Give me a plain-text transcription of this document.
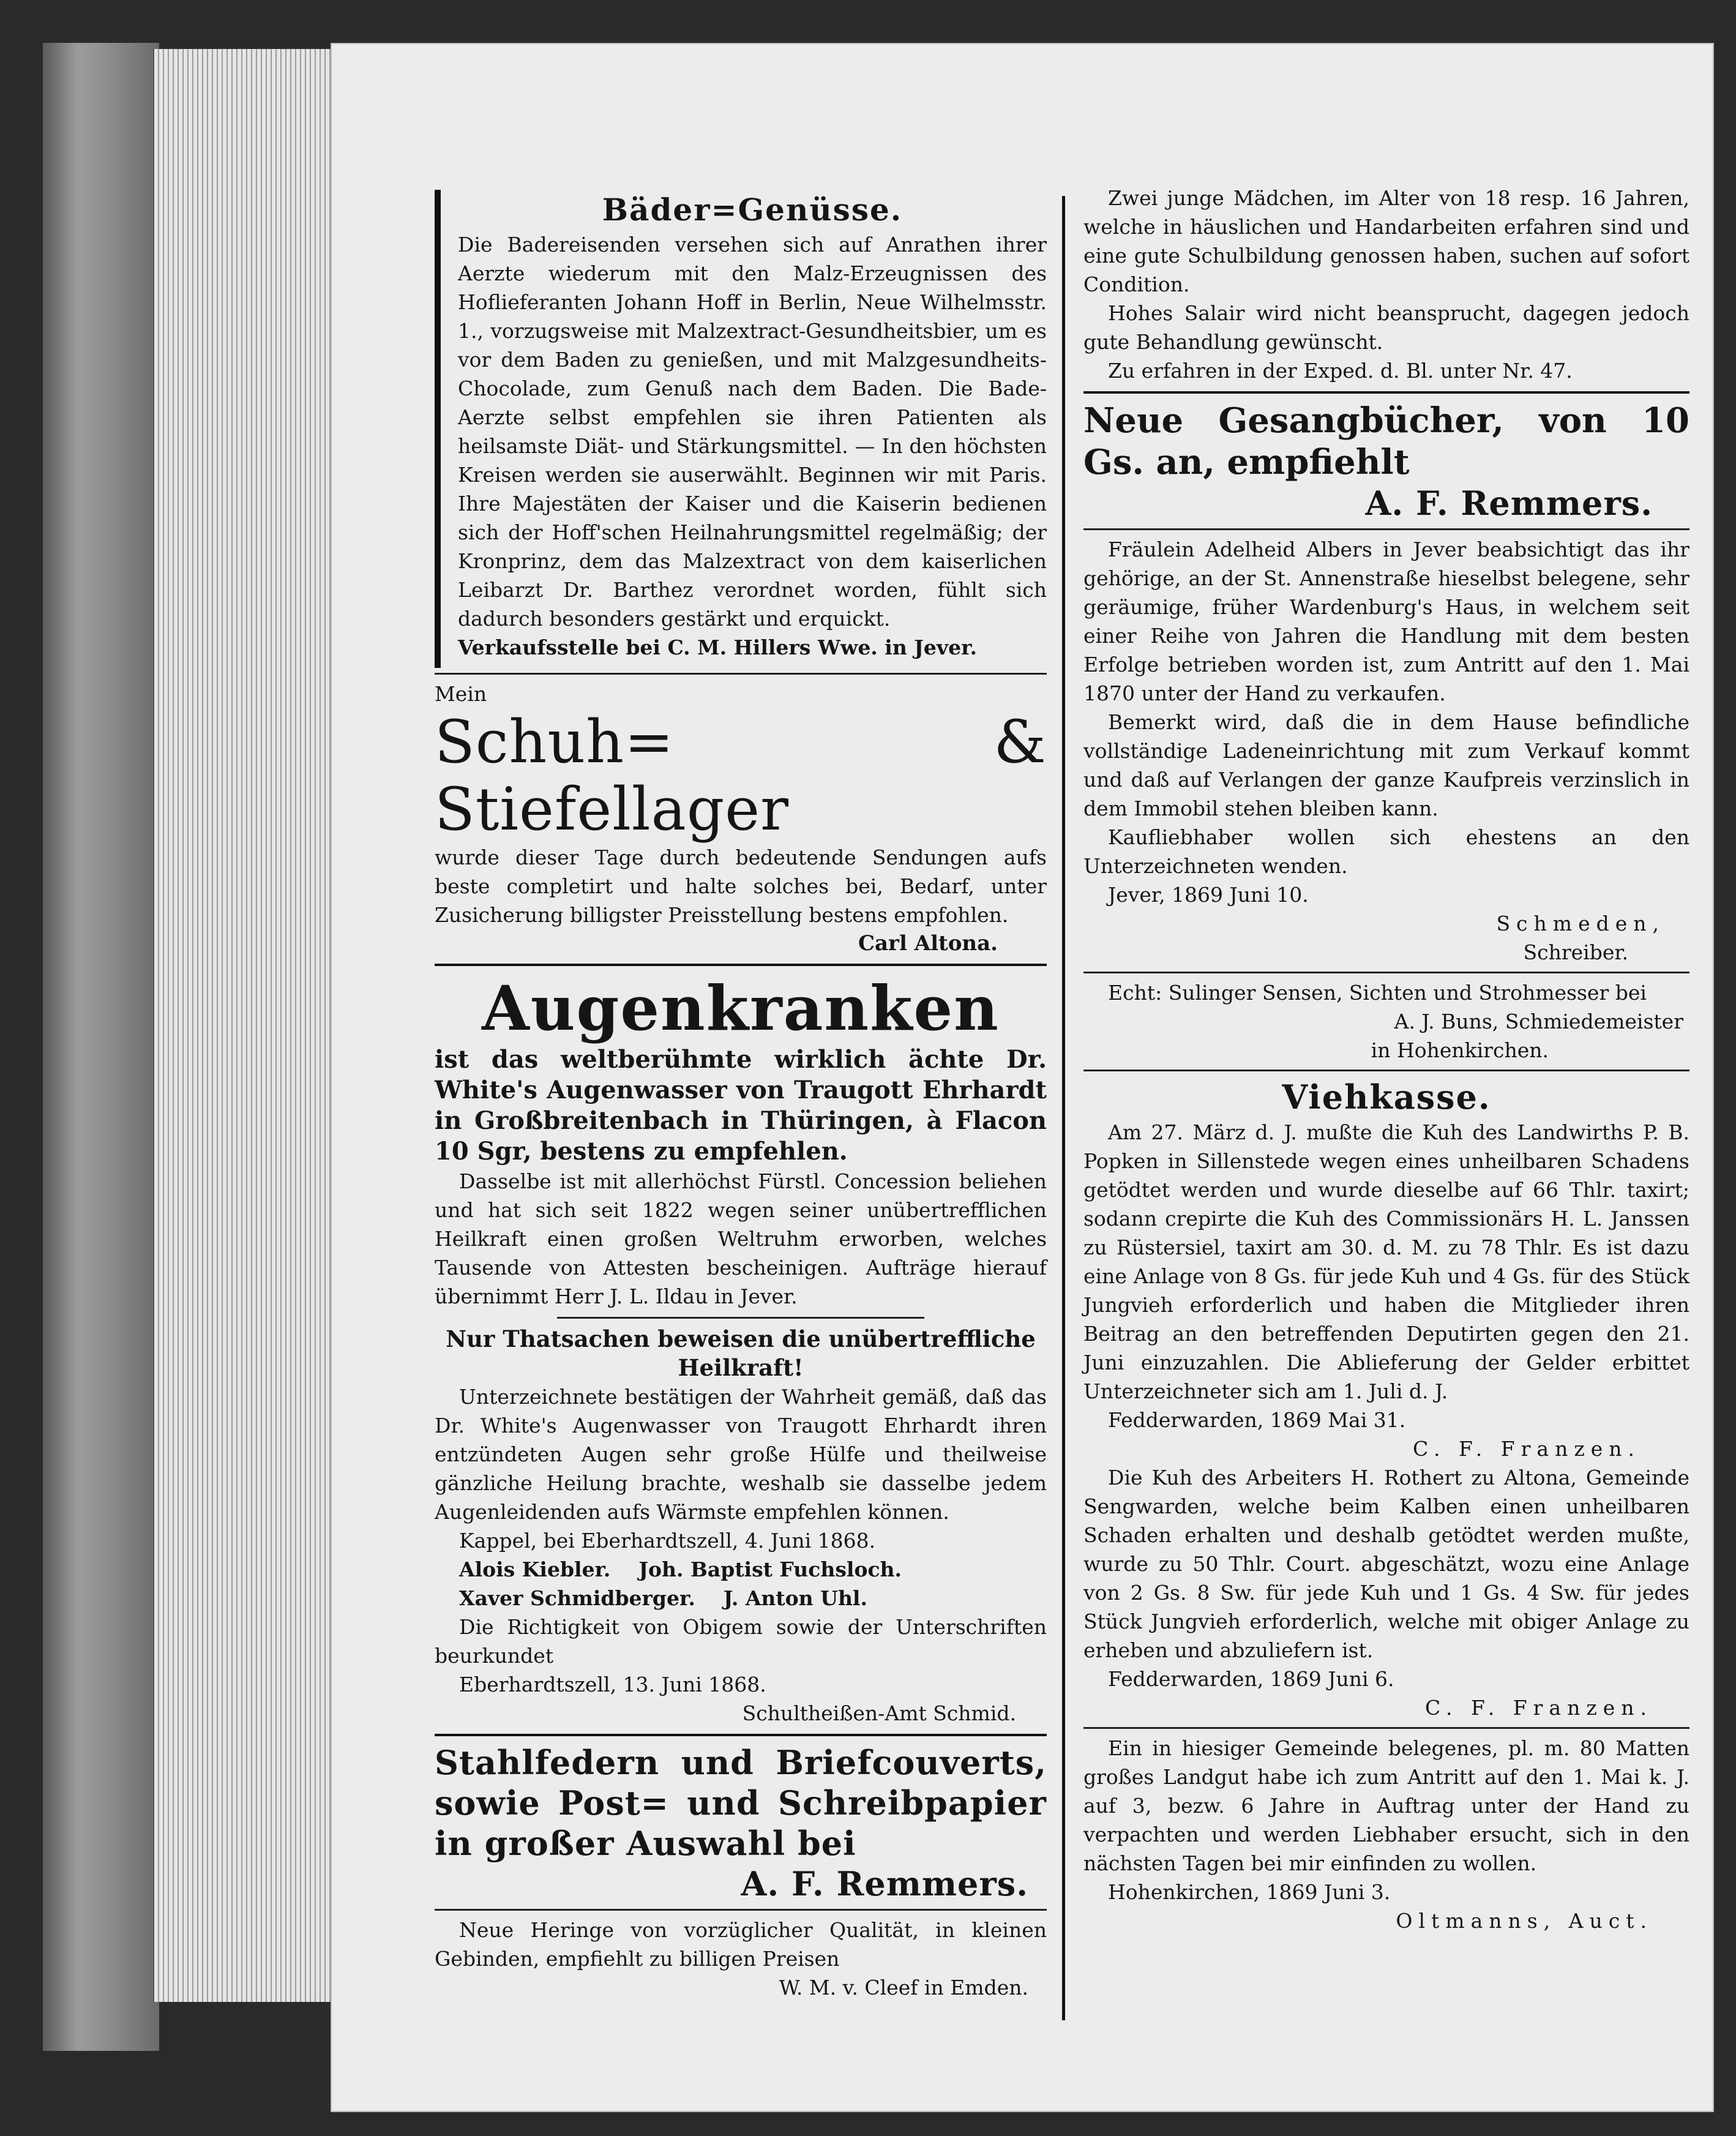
Bäder=Genüsse.

Die Badereisenden versehen sich auf Anrathen ihrer Aerzte wiederum mit den Malz-Erzeugnissen des Hoflieferanten Johann Hoff in Berlin, Neue Wilhelmsstr. 1., vorzugsweise mit Malzextract-Gesundheitsbier, um es vor dem Baden zu genießen, und mit Malzgesundheits-Chocolade, zum Genuß nach dem Baden. Die Bade-Aerzte selbst empfehlen sie ihren Patienten als heilsamste Diät- und Stärkungsmittel. — In den höchsten Kreisen werden sie auserwählt. Beginnen wir mit Paris. Ihre Majestäten der Kaiser und die Kaiserin bedienen sich der Hoff'schen Heilnahrungsmittel regelmäßig; der Kronprinz, dem das Malzextract von dem kaiserlichen Leibarzt Dr. Barthez verordnet worden, fühlt sich dadurch besonders gestärkt und erquickt.

Verkaufsstelle bei C. M. Hillers Wwe. in Jever.

Mein
Schuh= & Stiefellager

wurde dieser Tage durch bedeutende Sendungen aufs beste completirt und halte solches bei, Bedarf, unter Zusicherung billigster Preisstellung bestens empfohlen.

Carl Altona.
Augenkranken

ist das weltberühmte wirklich ächte Dr. White's Augenwasser von Traugott Ehrhardt in Großbreitenbach in Thüringen, à Flacon 10 Sgr, bestens zu empfehlen.

Dasselbe ist mit allerhöchst Fürstl. Concession beliehen und hat sich seit 1822 wegen seiner unübertrefflichen Heilkraft einen großen Weltruhm erworben, welches Tausende von Attesten bescheinigen. Aufträge hierauf übernimmt Herr J. L. Ildau in Jever.

Nur Thatsachen beweisen die unübertreffliche Heilkraft!

Unterzeichnete bestätigen der Wahrheit gemäß, daß das Dr. White's Augenwasser von Traugott Ehrhardt ihren entzündeten Augen sehr große Hülfe und theilweise gänzliche Heilung brachte, weshalb sie dasselbe jedem Augenleidenden aufs Wärmste empfehlen können.

Kappel, bei Eberhardtszell, 4. Juni 1868.

Alois Kiebler.    Joh. Baptist Fuchsloch.

Xaver Schmidberger.    J. Anton Uhl.

Die Richtigkeit von Obigem sowie der Unterschriften beurkundet

Eberhardtszell, 13. Juni 1868.

Schultheißen-Amt Schmid.

Stahlfedern und Briefcouverts, sowie Post= und Schreibpapier in großer Auswahl bei

A. F. Remmers.

Neue Heringe von vorzüglicher Qualität, in kleinen Gebinden, empfiehlt zu billigen Preisen

W. M. v. Cleef in Emden.

Zwei junge Mädchen, im Alter von 18 resp. 16 Jahren, welche in häuslichen und Handarbeiten erfahren sind und eine gute Schulbildung genossen haben, suchen auf sofort Condition.

Hohes Salair wird nicht beansprucht, dagegen jedoch gute Behandlung gewünscht.

Zu erfahren in der Exped. d. Bl. unter Nr. 47.

Neue Gesangbücher, von 10 Gs. an, empfiehlt

A. F. Remmers.

Fräulein Adelheid Albers in Jever beabsichtigt das ihr gehörige, an der St. Annenstraße hieselbst belegene, sehr geräumige, früher Wardenburg's Haus, in welchem seit einer Reihe von Jahren die Handlung mit dem besten Erfolge betrieben worden ist, zum Antritt auf den 1. Mai 1870 unter der Hand zu verkaufen.

Bemerkt wird, daß die in dem Hause befindliche vollständige Ladeneinrichtung mit zum Verkauf kommt und daß auf Verlangen der ganze Kaufpreis verzinslich in dem Immobil stehen bleiben kann.

Kaufliebhaber wollen sich ehestens an den Unterzeichneten wenden.

Jever, 1869 Juni 10.

Schmeden,
Schreiber.

Echt: Sulinger Sensen, Sichten und Strohmesser bei

A. J. Buns, Schmiedemeister
in Hohenkirchen.
Viehkasse.

Am 27. März d. J. mußte die Kuh des Landwirths P. B. Popken in Sillenstede wegen eines unheilbaren Schadens getödtet werden und wurde dieselbe auf 66 Thlr. taxirt; sodann crepirte die Kuh des Commissionärs H. L. Janssen zu Rüstersiel, taxirt am 30. d. M. zu 78 Thlr. Es ist dazu eine Anlage von 8 Gs. für jede Kuh und 4 Gs. für des Stück Jungvieh erforderlich und haben die Mitglieder ihren Beitrag an den betreffenden Deputirten gegen den 21. Juni einzuzahlen. Die Ablieferung der Gelder erbittet Unterzeichneter sich am 1. Juli d. J.

Fedderwarden, 1869 Mai 31.

C. F. Franzen.

Die Kuh des Arbeiters H. Rothert zu Altona, Gemeinde Sengwarden, welche beim Kalben einen unheilbaren Schaden erhalten und deshalb getödtet werden mußte, wurde zu 50 Thlr. Court. abgeschätzt, wozu eine Anlage von 2 Gs. 8 Sw. für jede Kuh und 1 Gs. 4 Sw. für jedes Stück Jungvieh erforderlich, welche mit obiger Anlage zu erheben und abzuliefern ist.

Fedderwarden, 1869 Juni 6.

C. F. Franzen.

Ein in hiesiger Gemeinde belegenes, pl. m. 80 Matten großes Landgut habe ich zum Antritt auf den 1. Mai k. J. auf 3, bezw. 6 Jahre in Auftrag unter der Hand zu verpachten und werden Liebhaber ersucht, sich in den nächsten Tagen bei mir einfinden zu wollen.

Hohenkirchen, 1869 Juni 3.

Oltmanns, Auct.
